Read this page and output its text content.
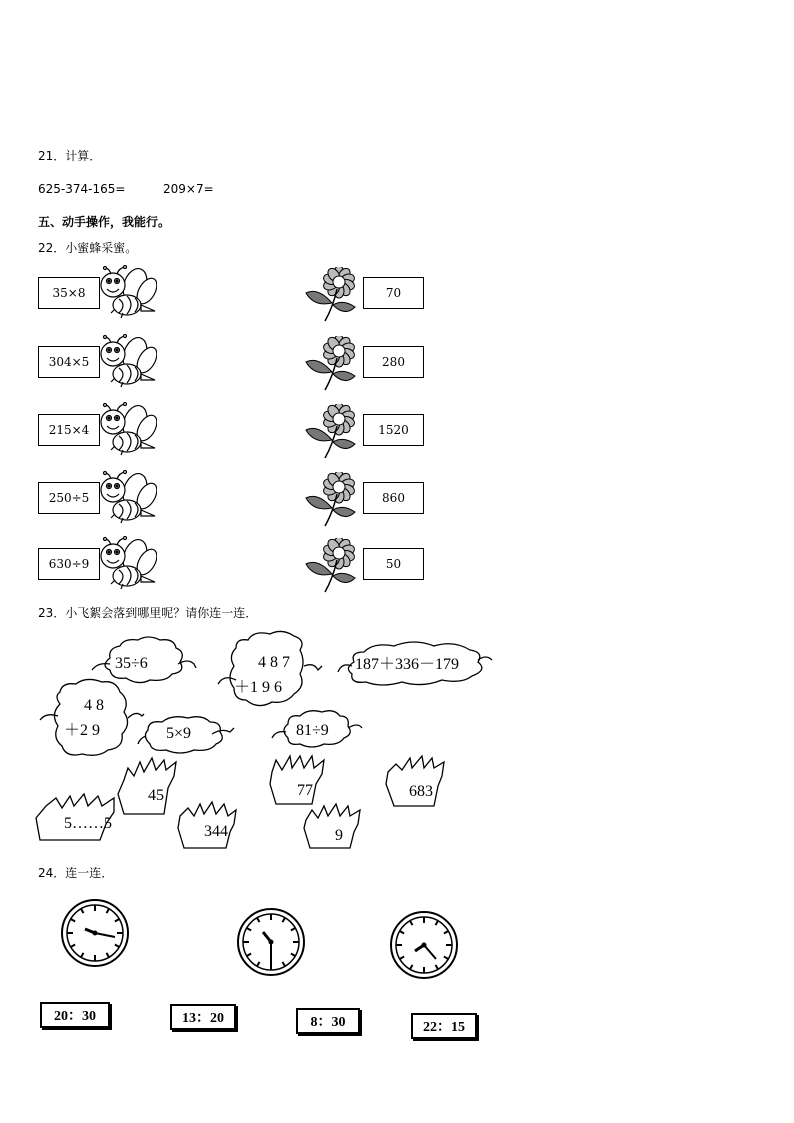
21．计算．
625-374-165=	209×7=
五、动手操作，我能行。
22．小蜜蜂采蜜。
35×8	70
304×5	280
215×4	1520
250÷5	860
630÷9	50
23．小飞絮会落到哪里呢？请你连一连．
35÷6	4 8 7
＋1 9 6
187＋336－179
4 8
＋2 9	5×9	81÷9
45	77	683
5……5	344	9
24．连一连．
20：30	13：20	8：30	22：15
